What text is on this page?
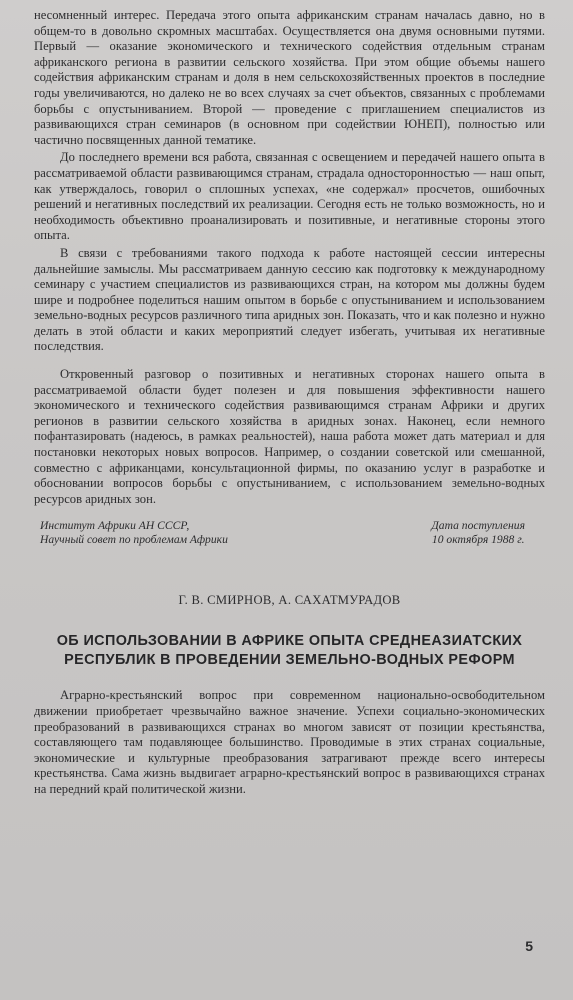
несомненный интерес. Передача этого опыта африканским странам началась давно, но в общем-то в довольно скромных масштабах. Осуществляется она двумя основными путями. Первый — оказание экономического и технического содействия отдельным странам африканского региона в развитии сельского хозяйства. При этом общие объемы нашего содействия африканским странам и доля в нем сельскохозяйственных проектов в последние годы увеличиваются, но далеко не во всех случаях за счет объектов, связанных с проблемами борьбы с опустыниванием. Второй — проведение с приглашением специалистов из развивающихся стран семинаров (в основном при содействии ЮНЕП), полностью или частично посвященных данной тематике.

До последнего времени вся работа, связанная с освещением и передачей нашего опыта в рассматриваемой области развивающимся странам, страдала односторонностью — наш опыт, как утверждалось, говорил о сплошных успехах, «не содержал» просчетов, ошибочных решений и негативных последствий их реализации. Сегодня есть не только возможность, но и необходимость объективно проанализировать и позитивные, и негативные стороны этого опыта.

В связи с требованиями такого подхода к работе настоящей сессии интересны дальнейшие замыслы. Мы рассматриваем данную сессию как подготовку к международному семинару с участием специалистов из развивающихся стран, на котором мы должны будем шире и подробнее поделиться нашим опытом в борьбе с опустыниванием и использованием земельно-водных ресурсов различного типа аридных зон. Показать, что и как полезно и нужно делать в этой области и каких мероприятий следует избегать, учитывая их негативные последствия.

Откровенный разговор о позитивных и негативных сторонах нашего опыта в рассматриваемой области будет полезен и для повышения эффективности нашего экономического и технического содействия развивающимся странам Африки и других регионов в развитии сельского хозяйства в аридных зонах. Наконец, если немного пофантазировать (надеюсь, в рамках реальностей), наша работа может дать материал и для постановки некоторых новых вопросов. Например, о создании советской или смешанной, совместно с африканцами, консультационной фирмы, по оказанию услуг в разработке и обосновании вопросов борьбы с опустыниванием, с использованием земельно-водных ресурсов аридных зон.

Институт Африки АН СССР,
Научный совет по проблемам Африки
Дата поступления
10 октября 1988 г.
Г. В. СМИРНОВ, А. САХАТМУРАДОВ
ОБ ИСПОЛЬЗОВАНИИ В АФРИКЕ ОПЫТА СРЕДНЕАЗИАТСКИХ
РЕСПУБЛИК В ПРОВЕДЕНИИ ЗЕМЕЛЬНО-ВОДНЫХ РЕФОРМ

Аграрно-крестьянский вопрос при современном национально-освободительном движении приобретает чрезвычайно важное значение. Успехи социально-экономических преобразований в развивающихся странах во многом зависят от позиции крестьянства, составляющего там подавляющее большинство. Проводимые в этих странах социальные, экономические и культурные преобразования затрагивают прежде всего интересы крестьянства. Сама жизнь выдвигает аграрно-крестьянский вопрос в развивающихся странах на передний край политической жизни.

5
